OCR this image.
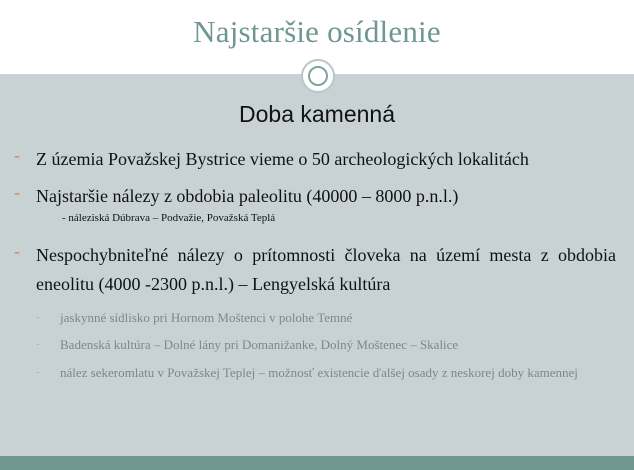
Najstaršie osídlenie
Doba kamenná
- Z územia Považskej Bystrice vieme o 50 archeologických lokalitách
- Najstaršie nálezy z obdobia paleolitu (40000 – 8000 p.n.l.)
- náleziská Dúbrava – Podvažie, Považská Teplá
- Nespochybniteľné nálezy o prítomnosti človeka na území mesta z obdobia eneolitu (4000 -2300 p.n.l.) – Lengyelská kultúra
- jaskynné sídlisko pri Hornom Moštenci v polohe Temné
- Badenská kultúra – Dolné lány pri Domanižanke, Dolný Moštenec – Skalice
- nález sekeromlatu v Považskej Teplej – možnosť existencie ďalšej osady z neskorej doby kamennej
